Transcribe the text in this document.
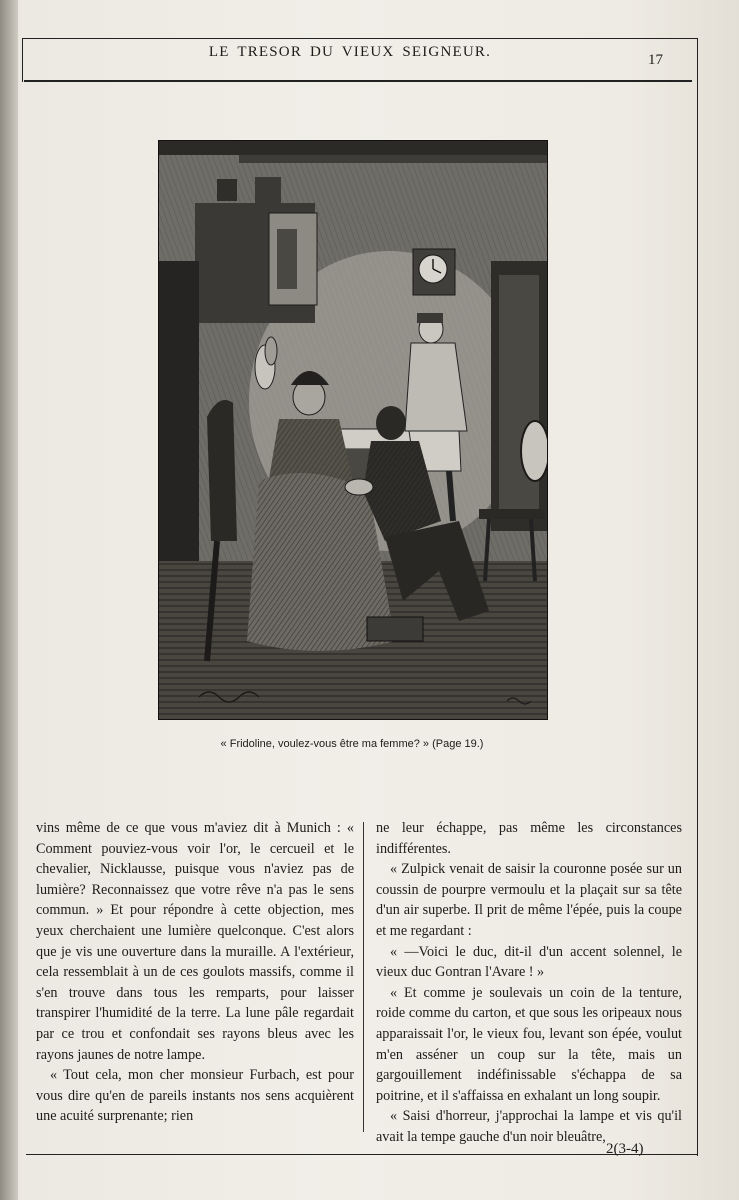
LE TRESOR DU VIEUX SEIGNEUR.	17
« Fridoline, voulez-vous être ma femme? » (Page 19.)

vins même de ce que vous m'aviez dit à Munich : « Comment pouviez-vous voir l'or, le cercueil et le chevalier, Nicklausse, puisque vous n'aviez pas de lumière? Reconnaissez que votre rêve n'a pas le sens commun. » Et pour répondre à cette objection, mes yeux cherchaient une lumière quelconque. C'est alors que je vis une ouverture dans la muraille. A l'extérieur, cela ressemblait à un de ces goulots massifs, comme il s'en trouve dans tous les remparts, pour laisser transpirer l'humidité de la terre. La lune pâle regardait par ce trou et confondait ses rayons bleus avec les rayons jaunes de notre lampe.

« Tout cela, mon cher monsieur Furbach, est pour vous dire qu'en de pareils instants nos sens acquièrent une acuité surprenante; rien

ne leur échappe, pas même les circonstances indifférentes.

« Zulpick venait de saisir la couronne posée sur un coussin de pourpre vermoulu et la plaçait sur sa tête d'un air superbe. Il prit de même l'épée, puis la coupe et me regardant :

« —Voici le duc, dit-il d'un accent solennel, le vieux duc Gontran l'Avare ! »

« Et comme je soulevais un coin de la tenture, roide comme du carton, et que sous les oripeaux nous apparaissait l'or, le vieux fou, levant son épée, voulut m'en asséner un coup sur la tête, mais un gargouillement indéfinissable s'échappa de sa poitrine, et il s'affaissa en exhalant un long soupir.

« Saisi d'horreur, j'approchai la lampe et vis qu'il avait la tempe gauche d'un noir bleuâtre,

2(3-4)
